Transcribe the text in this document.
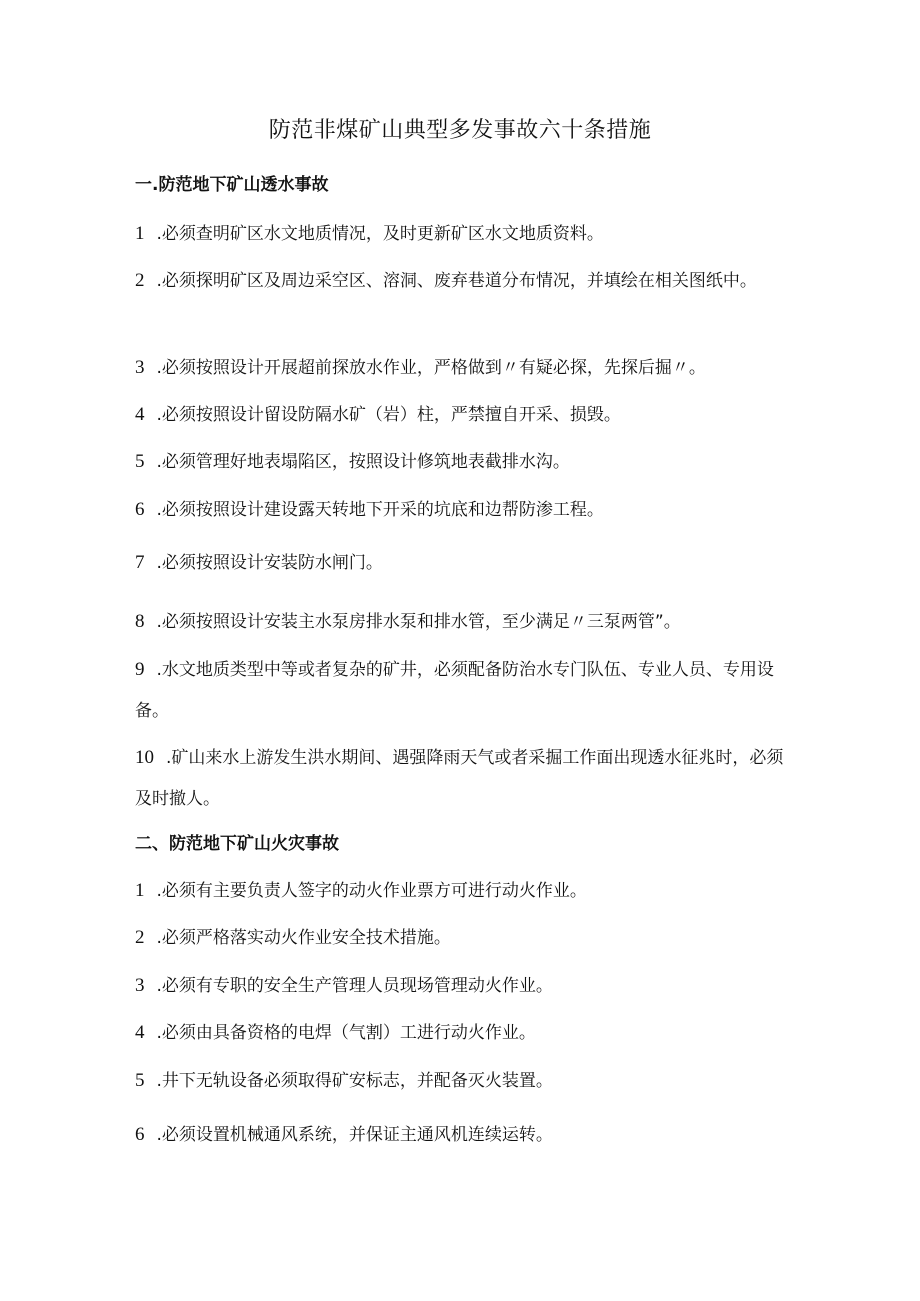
防范非煤矿山典型多发事故六十条措施
一.防范地下矿山透水事故

1 .必须查明矿区水文地质情况，及时更新矿区水文地质资料。

2 .必须探明矿区及周边采空区、溶洞、废弃巷道分布情况，并填绘在相关图纸中。

3 .必须按照设计开展超前探放水作业，严格做到〃有疑必探，先探后掘〃。

4 .必须按照设计留设防隔水矿（岩）柱，严禁擅自开采、损毁。

5 .必须管理好地表塌陷区，按照设计修筑地表截排水沟。

6 .必须按照设计建设露天转地下开采的坑底和边帮防渗工程。

7 .必须按照设计安装防水闸门。

8 .必须按照设计安装主水泵房排水泵和排水管，至少满足〃三泵两管”。

9 .水文地质类型中等或者复杂的矿井，必须配备防治水专门队伍、专业人员、专用设备。

10 .矿山来水上游发生洪水期间、遇强降雨天气或者采掘工作面出现透水征兆时，必须及时撤人。

二、防范地下矿山火灾事故

1 .必须有主要负责人签字的动火作业票方可进行动火作业。

2 .必须严格落实动火作业安全技术措施。

3 .必须有专职的安全生产管理人员现场管理动火作业。

4 .必须由具备资格的电焊（气割）工进行动火作业。

5 .井下无轨设备必须取得矿安标志，并配备灭火装置。

6 .必须设置机械通风系统，并保证主通风机连续运转。
